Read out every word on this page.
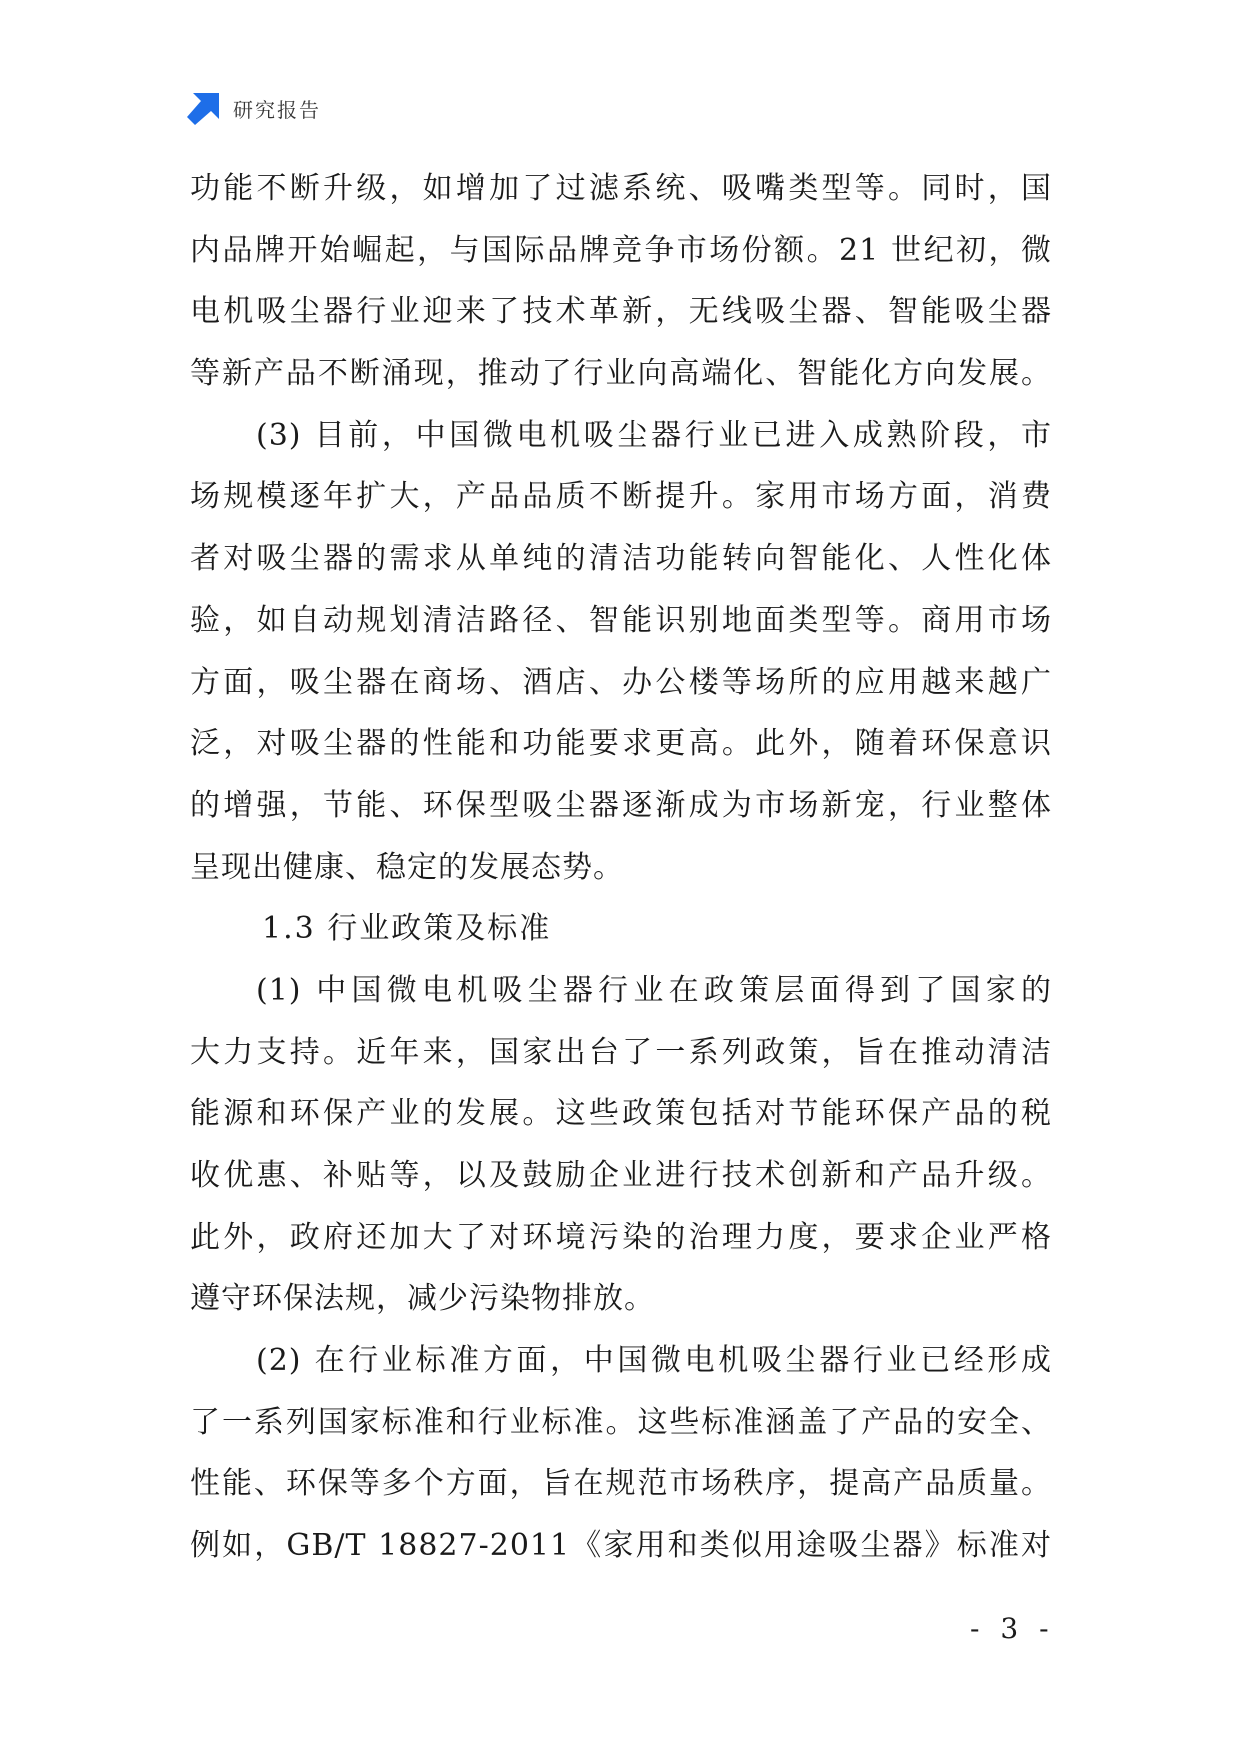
研究报告
功能不断升级，如增加了过滤系统、吸嘴类型等。同时，国
内品牌开始崛起，与国际品牌竞争市场份额。21 世纪初，微
电机吸尘器行业迎来了技术革新，无线吸尘器、智能吸尘器
等新产品不断涌现，推动了行业向高端化、智能化方向发展。
(3) 目前，中国微电机吸尘器行业已进入成熟阶段，市
场规模逐年扩大，产品品质不断提升。家用市场方面，消费
者对吸尘器的需求从单纯的清洁功能转向智能化、人性化体
验，如自动规划清洁路径、智能识别地面类型等。商用市场
方面，吸尘器在商场、酒店、办公楼等场所的应用越来越广
泛，对吸尘器的性能和功能要求更高。此外，随着环保意识
的增强，节能、环保型吸尘器逐渐成为市场新宠，行业整体
呈现出健康、稳定的发展态势。
1.3 行业政策及标准
(1) 中国微电机吸尘器行业在政策层面得到了国家的
大力支持。近年来，国家出台了一系列政策，旨在推动清洁
能源和环保产业的发展。这些政策包括对节能环保产品的税
收优惠、补贴等，以及鼓励企业进行技术创新和产品升级。
此外，政府还加大了对环境污染的治理力度，要求企业严格
遵守环保法规，减少污染物排放。
(2) 在行业标准方面，中国微电机吸尘器行业已经形成
了一系列国家标准和行业标准。这些标准涵盖了产品的安全、
性能、环保等多个方面，旨在规范市场秩序，提高产品质量。
例如，GB/T 18827-2011《家用和类似用途吸尘器》标准对
- 3 -
